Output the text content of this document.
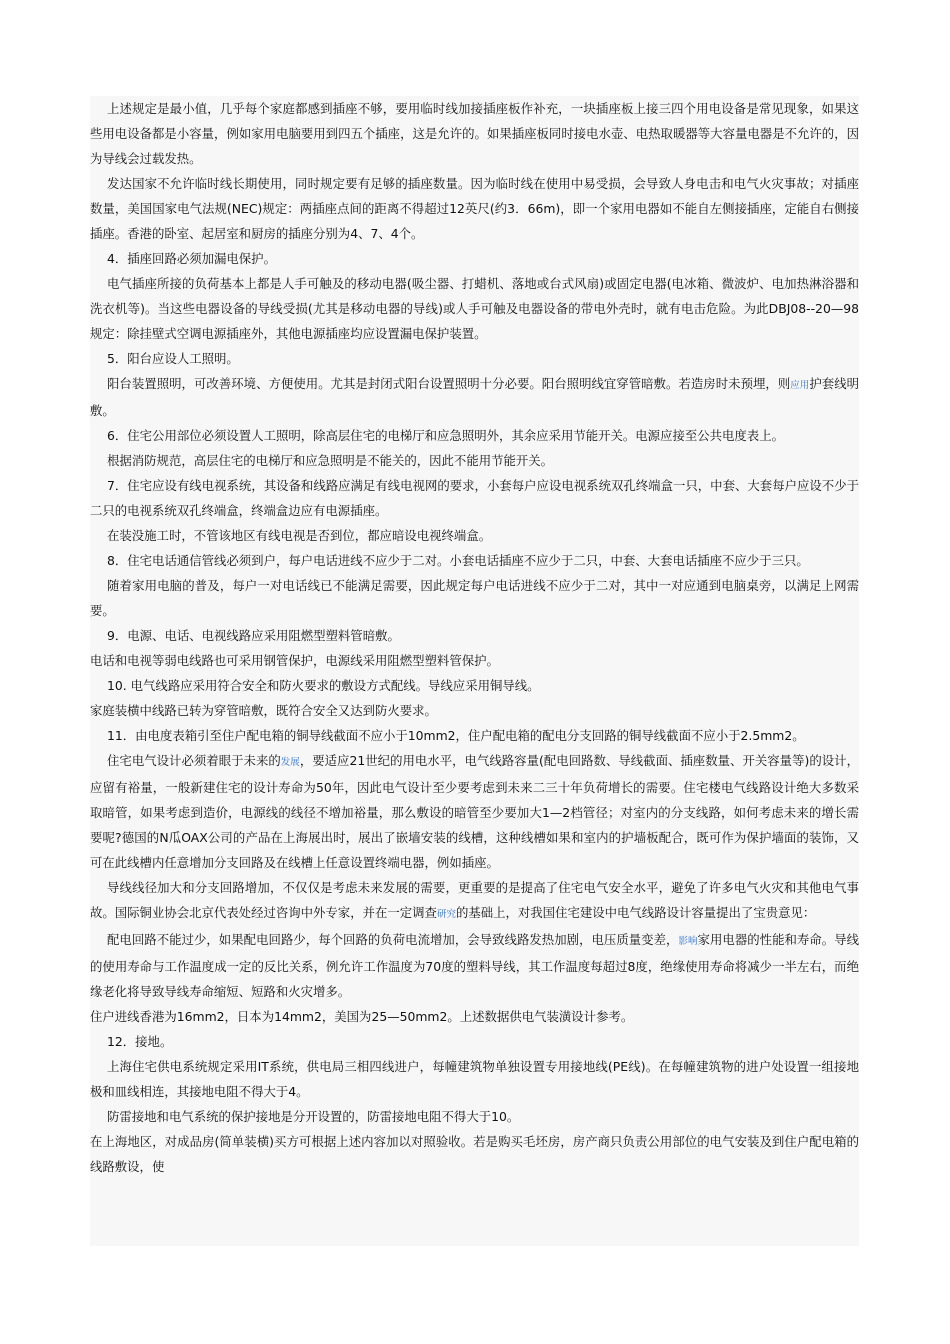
上述规定是最小值，几乎每个家庭都感到插座不够，要用临时线加接插座板作补充，一块插座板上接三四个用电设备是常见现象，如果这些用电设备都是小容量，例如家用电脑要用到四五个插座，这是允许的。如果插座板同时接电水壶、电热取暖器等大容量电器是不允许的，因为导线会过载发热。

发达国家不允许临时线长期使用，同时规定要有足够的插座数量。因为临时线在使用中易受损，会导致人身电击和电气火灾事故；对插座数量，美国国家电气法规(NEC)规定：两插座点间的距离不得超过12英尺(约3．66m)，即一个家用电器如不能自左侧接插座，定能自右侧接插座。香港的卧室、起居室和厨房的插座分别为4、7、4个。

4．插座回路必须加漏电保护。

电气插座所接的负荷基本上都是人手可触及的移动电器(吸尘器、打蜡机、落地或台式风扇)或固定电器(电冰箱、微波炉、电加热淋浴器和洗衣机等)。当这些电器设备的导线受损(尤其是移动电器的导线)或人手可触及电器设备的带电外壳时，就有电击危险。为此DBJ08--20—98规定：除挂壁式空调电源插座外，其他电源插座均应设置漏电保护装置。

5．阳台应设人工照明。

阳台装置照明，可改善环境、方便使用。尤其是封闭式阳台设置照明十分必要。阳台照明线宜穿管暗敷。若造房时未预埋，则应用护套线明敷。

6．住宅公用部位必须设置人工照明，除高层住宅的电梯厅和应急照明外，其余应采用节能开关。电源应接至公共电度表上。

根据消防规范，高层住宅的电梯厅和应急照明是不能关的，因此不能用节能开关。

7．住宅应设有线电视系统，其设备和线路应满足有线电视网的要求，小套每户应设电视系统双孔终端盒一只，中套、大套每户应设不少于二只的电视系统双孔终端盒，终端盒边应有电源插座。

在装没施工时，不管该地区有线电视是否到位，都应暗设电视终端盒。

8．住宅电话通信管线必须到户，每户电话进线不应少于二对。小套电话插座不应少于二只，中套、大套电话插座不应少于三只。

随着家用电脑的普及，每户一对电话线已不能满足需要，因此规定每户电话进线不应少于二对，其中一对应通到电脑桌旁，以满足上网需要。

9．电源、电话、电视线路应采用阻燃型塑料管暗敷。

电话和电视等弱电线路也可采用钢管保护，电源线采用阻燃型塑料管保护。

10. 电气线路应采用符合安全和防火要求的敷设方式配线。导线应采用铜导线。

家庭装横中线路已转为穿管暗敷，既符合安全又达到防火要求。

11．由电度表箱引至住户配电箱的铜导线截面不应小于10mm2，住户配电箱的配电分支回路的铜导线截面不应小于2.5mm2。

住宅电气设计必须着眼于未来的发展，要适应21世纪的用电水平，电气线路容量(配电回路数、导线截面、插座数量、开关容量等)的设计，应留有裕量，一般新建住宅的设计寿命为50年，因此电气设计至少要考虑到未来二三十年负荷增长的需要。住宅楼电气线路设计绝大多数采取暗管，如果考虑到造价，电源线的线径不增加裕量，那么敷设的暗管至少要加大1—2档管径；对室内的分支线路，如何考虑未来的增长需要呢?德国的N瓜OAX公司的产品在上海展出时，展出了嵌墙安装的线槽，这种线槽如果和室内的护墙板配合，既可作为保护墙面的装饰，又可在此线槽内任意增加分支回路及在线槽上任意设置终端电器，例如插座。

导线线径加大和分支回路增加，不仅仅是考虑未来发展的需要，更重要的是提高了住宅电气安全水平，避免了许多电气火灾和其他电气事故。国际铜业协会北京代表处经过咨询中外专家，并在一定调查研究的基础上，对我国住宅建设中电气线路设计容量提出了宝贵意见：

配电回路不能过少，如果配电回路少，每个回路的负荷电流增加，会导致线路发热加剧，电压质量变差，影响家用电器的性能和寿命。导线的使用寿命与工作温度成一定的反比关系，例允许工作温度为70度的塑料导线，其工作温度每超过8度，绝缘使用寿命将减少一半左右，而绝缘老化将导致导线寿命缩短、短路和火灾增多。

住户进线香港为16mm2，日本为14mm2，美国为25—50mm2。上述数据供电气装潢设计参考。

12．接地。

上海住宅供电系统规定采用IT系统，供电局三相四线进户，每幢建筑物单独设置专用接地线(PE线)。在每幢建筑物的进户处设置一组接地极和皿线相连，其接地电阻不得大于4。

防雷接地和电气系统的保护接地是分开设置的，防雷接地电阻不得大于10。

在上海地区，对成品房(简单装横)买方可根据上述内容加以对照验收。若是购买毛坯房，房产商只负责公用部位的电气安装及到住户配电箱的线路敷设，使
